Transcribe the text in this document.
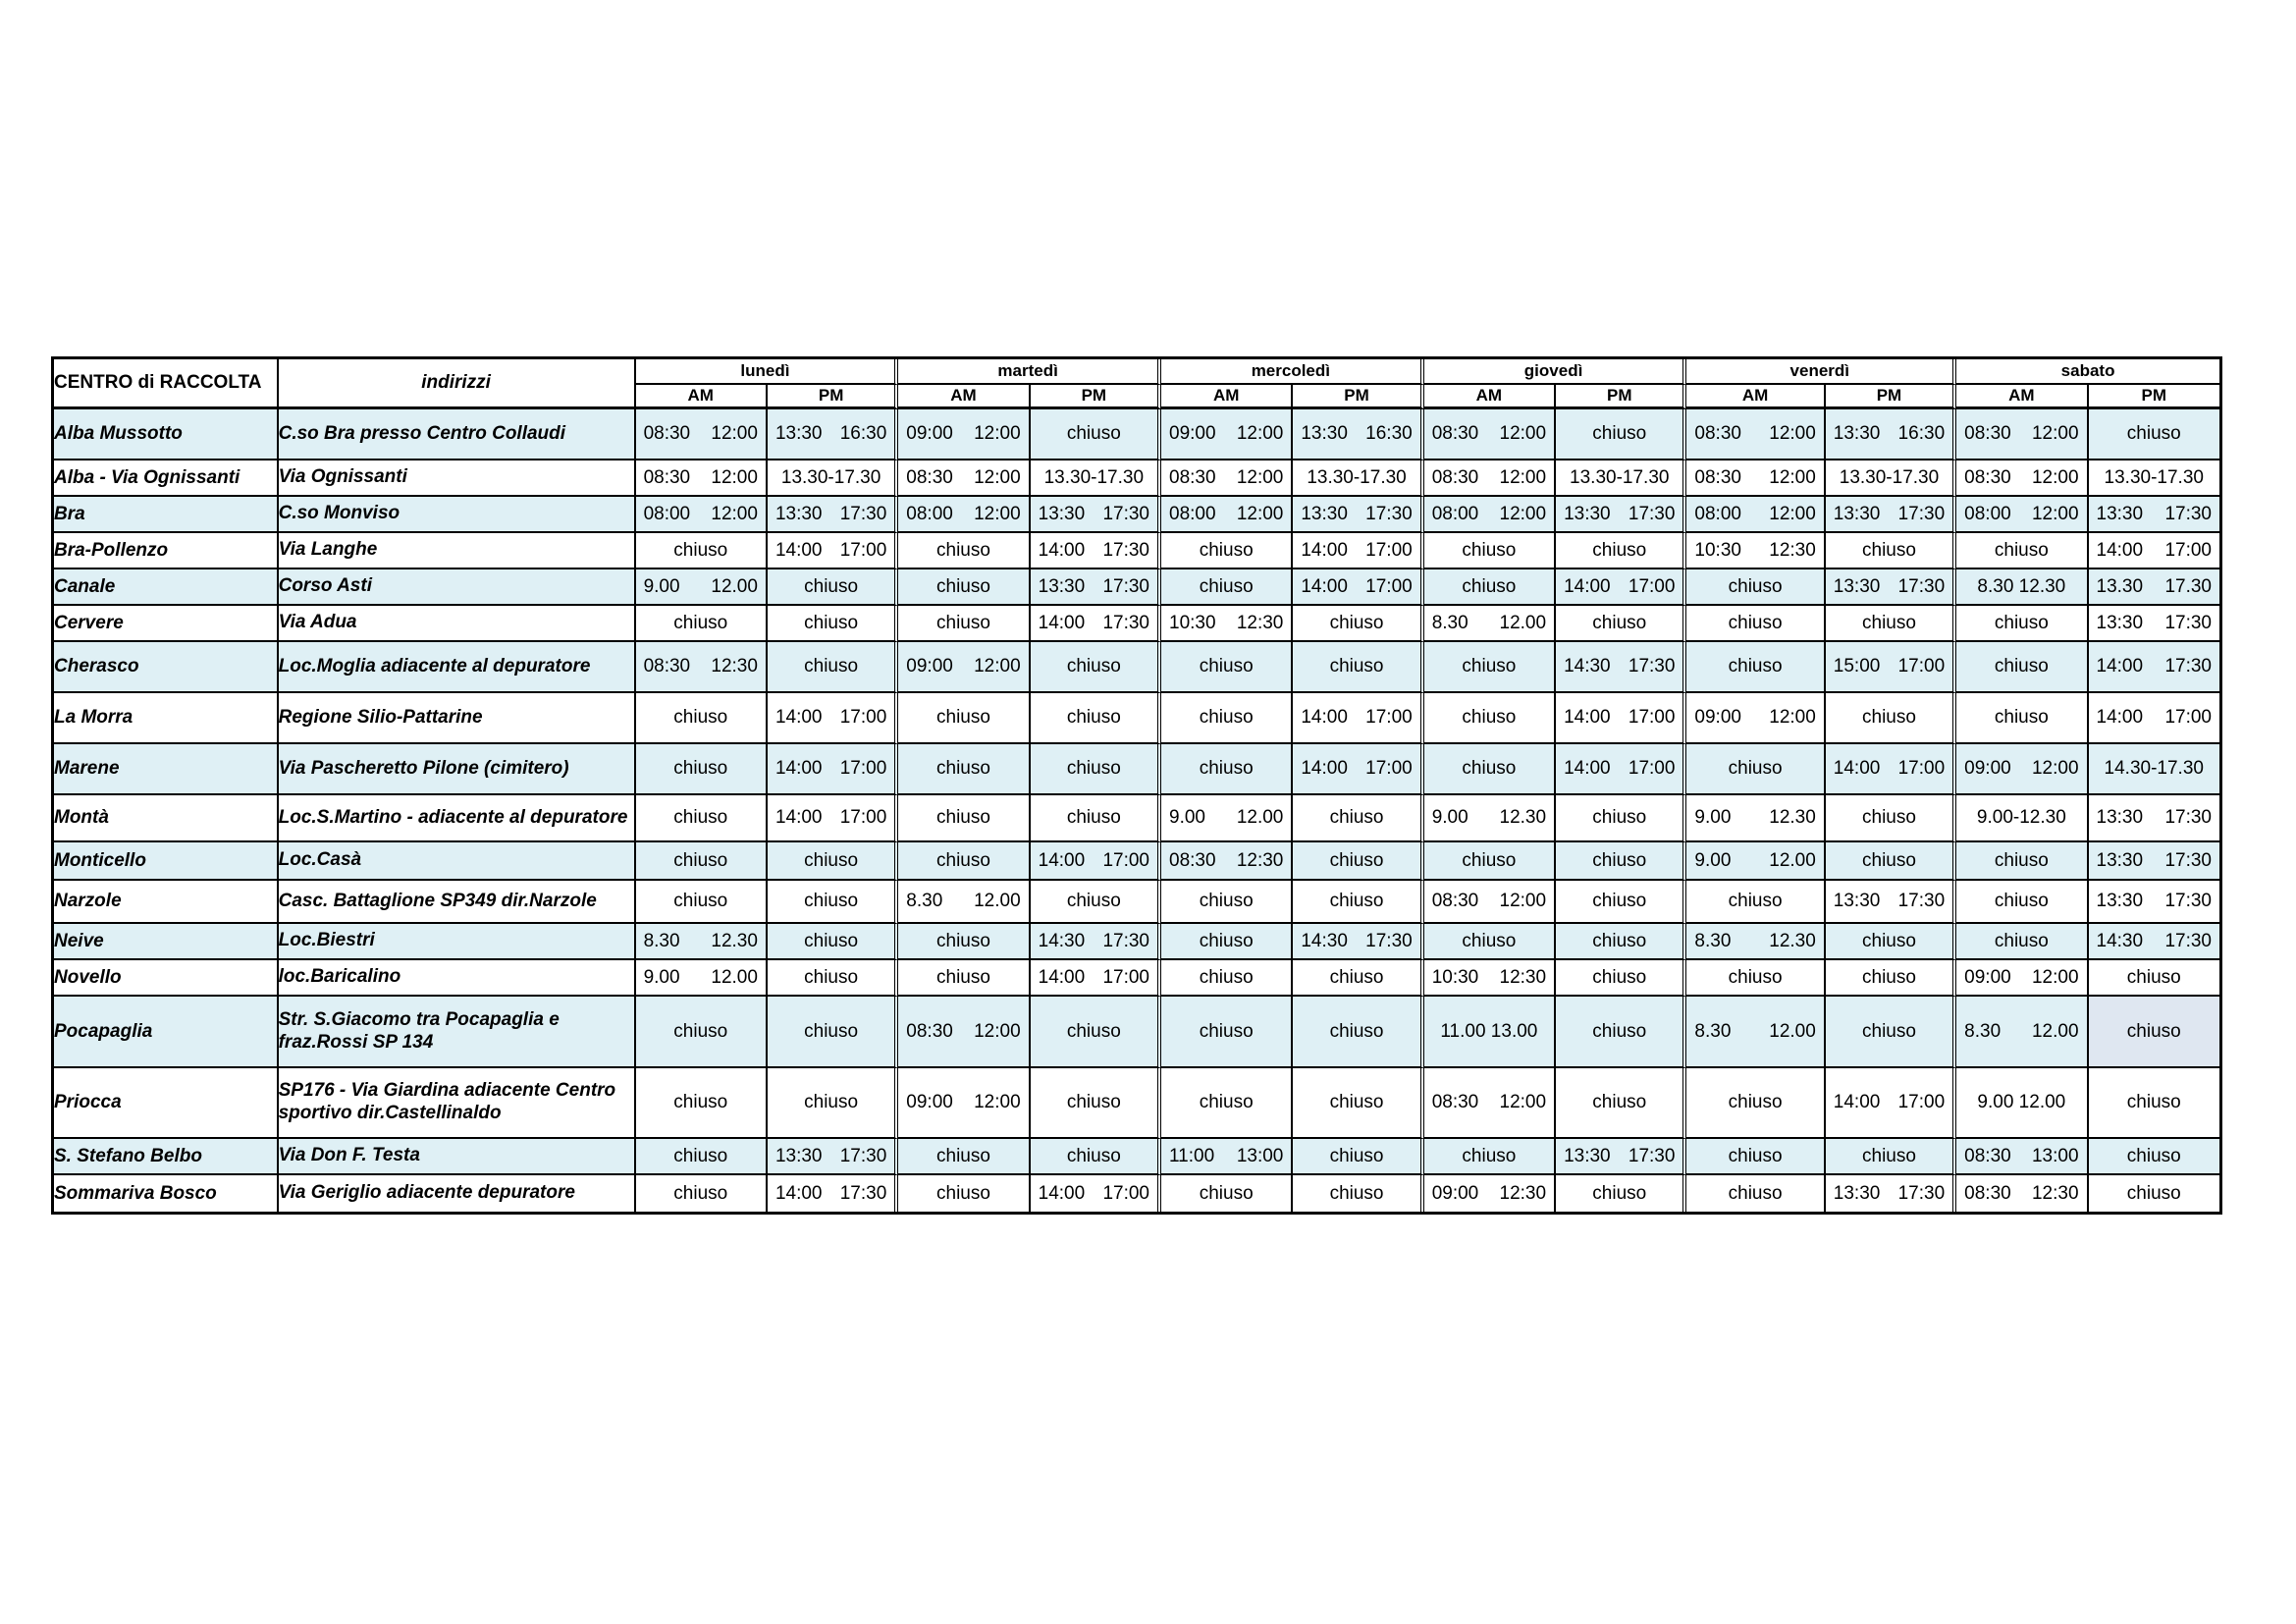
CENTRO di RACCOLTA	indirizzi	lunedì		martedì		mercoledì		giovedì		venerdì		sabato	
		AM	PM	AM	PM	AM	PM	AM	PM	AM	PM	AM	PM
Alba Mussotto	C.so Bra presso Centro Collaudi	08:30 12:00	13:30 16:30	09:00 12:00	chiuso	09:00 12:00	13:30 16:30	08:30 12:00	chiuso	08:30 12:00	13:30 16:30	08:30 12:00	chiuso
Alba - Via Ognissanti	Via Ognissanti	08:30 12:00	13.30-17.30	08:30 12:00	13.30-17.30	08:30 12:00	13.30-17.30	08:30 12:00	13.30-17.30	08:30 12:00	13.30-17.30	08:30 12:00	13.30-17.30
Bra	C.so Monviso	08:00 12:00	13:30 17:30	08:00 12:00	13:30 17:30	08:00 12:00	13:30 17:30	08:00 12:00	13:30 17:30	08:00 12:00	13:30 17:30	08:00 12:00	13:30 17:30

Bra-Pollenzo	Via Langhe	chiuso	14:00 17:00	chiuso	14:00 17:30	chiuso	14:00 17:00	chiuso	chiuso	10:30 12:30	chiuso	chiuso	14:00 17:00

Canale	Corso Asti	9.00 12.00	chiuso	chiuso	13:30 17:30	chiuso	14:00 17:00	chiuso	14:00 17:00	chiuso	13:30 17:30	8.30 12.30	13.30 17.30

Cervere	Via Adua	chiuso	chiuso	chiuso	14:00 17:30	10:30 12:30	chiuso	8.30 12.00	chiuso	chiuso	chiuso	chiuso	13:30 17:30

Cherasco	Loc.Moglia adiacente al depuratore	08:30 12:30	chiuso	09:00 12:00	chiuso	chiuso	chiuso	chiuso	14:30 17:30	chiuso	15:00 17:00	chiuso	14:00 17:30

La Morra	Regione Silio-Pattarine	chiuso	14:00 17:00	chiuso	chiuso	chiuso	14:00 17:00	chiuso	14:00 17:00	09:00 12:00	chiuso	chiuso	14:00 17:00

Marene	Via Pascheretto Pilone (cimitero)	chiuso	14:00 17:00	chiuso	chiuso	chiuso	14:00 17:00	chiuso	14:00 17:00	chiuso	14:00 17:00	09:00 12:00	14.30-17.30
Montà	Loc.S.Martino - adiacente al depuratore	chiuso	14:00 17:00	chiuso	chiuso	9.00 12.00	chiuso	9.00 12.30	chiuso	9.00 12.30	chiuso	9.00-12.30	13:30 17:30

Monticello	Loc.Casà	chiuso	chiuso	chiuso	14:00 17:00	08:30 12:30	chiuso	chiuso	chiuso	9.00 12.00	chiuso	chiuso	13:30 17:30

Narzole	Casc. Battaglione SP349 dir.Narzole	chiuso	chiuso	8.30 12.00	chiuso	chiuso	chiuso	08:30 12:00	chiuso	chiuso	13:30 17:30	chiuso	13:30 17:30

Neive	Loc.Biestri	8.30 12.30	chiuso	chiuso	14:30 17:30	chiuso	14:30 17:30	chiuso	chiuso	8.30 12.30	chiuso	chiuso	14:30 17:30

Novello	loc.Baricalino	9.00 12.00	chiuso	chiuso	14:00 17:00	chiuso	chiuso	10:30 12:30	chiuso	chiuso	chiuso	09:00 12:00	chiuso
Pocapaglia	Str. S.Giacomo tra Pocapaglia e fraz.Rossi SP 134	chiuso	chiuso	08:30 12:00	chiuso	chiuso	chiuso	11.00 13.00	chiuso	8.30 12.00	chiuso	8.30 12.00	chiuso
Priocca	SP176 - Via Giardina adiacente Centro sportivo dir.Castellinaldo	chiuso	chiuso	09:00 12:00	chiuso	chiuso	chiuso	08:30 12:00	chiuso	chiuso	14:00 17:00	9.00 12.00	chiuso
S. Stefano Belbo	Via Don F. Testa	chiuso	13:30 17:30	chiuso	chiuso	11:00 13:00	chiuso	chiuso	13:30 17:30	chiuso	chiuso	08:30 13:00	chiuso
Sommariva Bosco	Via Gerigliо adiacente depuratore	chiuso	14:00 17:30	chiuso	14:00 17:00	chiuso	chiuso	09:00 12:30	chiuso	chiuso	13:30 17:30	08:30 12:30	chiuso
